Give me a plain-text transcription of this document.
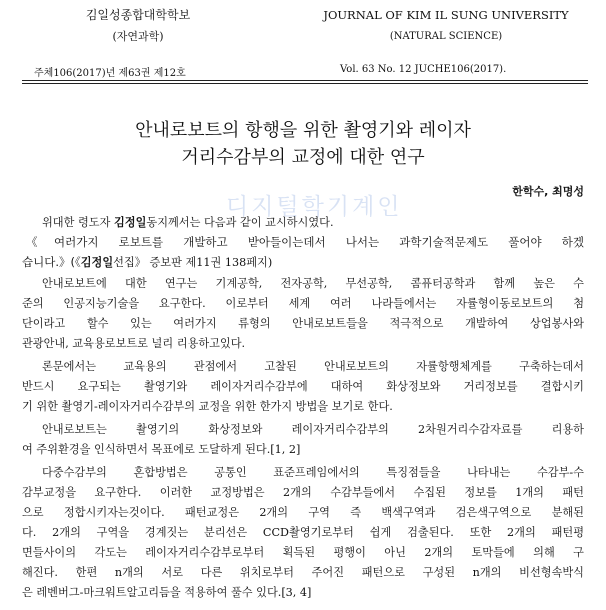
김일성종합대학학보
(자연과학)
JOURNAL OF KIM IL SUNG UNIVERSITY
(NATURAL SCIENCE)
주체106(2017)년 제63권 제12호	Vol. 63 No. 12 JUCHE106(2017).
안내로보트의 항행을 위한 촬영기와 레이자
거리수감부의 교정에 대한 연구
디지털학기계인
한학수, 최명성
위대한 령도자 김정일동지께서는 다음과 같이 교시하시였다.
《여러가지 로보트를 개발하고 받아들이는데서 나서는 과학기술적문제도 풀어야 하겠
습니다.》(《김정일선집》 증보판 제11권 138페지)
안내로보트에 대한 연구는 기계공학, 전자공학, 무선공학, 콤퓨터공학과 함께 높은 수
준의 인공지능기술을 요구한다. 이로부터 세계 여러 나라들에서는 자률형이동로보트의 첨
단이라고 할수 있는 여러가지 류형의 안내로보트들을 적극적으로 개발하여 상업봉사와
관광안내, 교육용로보트로 널리 리용하고있다.
론문에서는 교육용의 관점에서 고찰된 안내로보트의 자률항행체계를 구축하는데서
반드시 요구되는 촬영기와 레이자거리수감부에 대하여 화상정보와 거리정보를 결합시키
기 위한 촬영기-레이자거리수감부의 교정을 위한 한가지 방법을 보기로 한다.
안내로보트는 촬영기의 화상정보와 레이자거리수감부의 2차원거리수감자료를 리용하
여 주위환경을 인식하면서 목표에로 도달하게 된다.[1, 2]
다중수감부의 혼합방법은 공통인 표준프레임에서의 특징점들을 나타내는 수감부-수
감부교정을 요구한다. 이러한 교정방법은 2개의 수감부들에서 수집된 정보를 1개의 패턴
으로 정합시키자는것이다. 패턴교정은 2개의 구역 즉 백색구역과 검은색구역으로 분해된
다. 2개의 구역을 경계짓는 분리선은 CCD촬영기로부터 쉽게 검출된다. 또한 2개의 패턴평
면들사이의 각도는 레이자거리수감부로부터 획득된 평행이 아닌 2개의 토막들에 의해 구
해진다. 한편 n개의 서로 다른 위치로부터 주어진 패턴으로 구성된 n개의 비선형속박식
은 레벤버그-마크워트알고리듬을 적용하여 풀수 있다.[3, 4]
